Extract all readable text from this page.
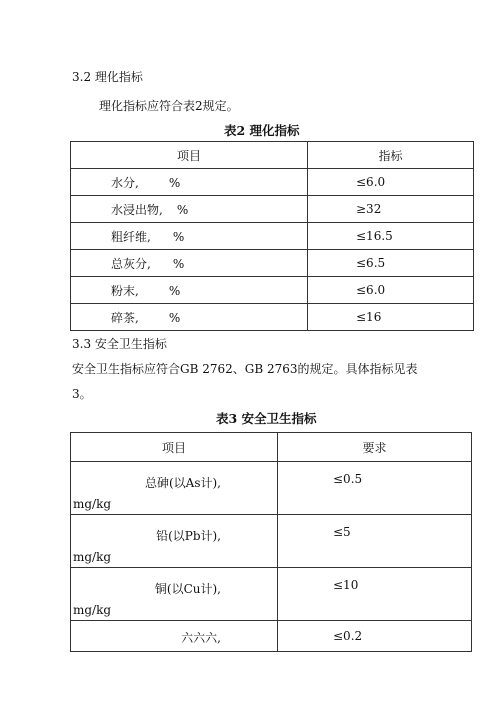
3.2 理化指标
理化指标应符合表2规定。
表2 理化指标
项目	指标
水分, %	≤6.0
水浸出物, %	≥32
粗纤维, %	≤16.5
总灰分, %	≤6.5
粉末, %	≤6.0
碎茶, %	≤16
3.3 安全卫生指标
安全卫生指标应符合GB 2762、GB 2763的规定。具体指标见表
3。
表3 安全卫生指标
项目	要求

总砷(以As计),
mg/kg	≤0.5

铅(以Pb计),
mg/kg	≤5

铜(以Cu计),
mg/kg	≤10

六六六,	≤0.2
